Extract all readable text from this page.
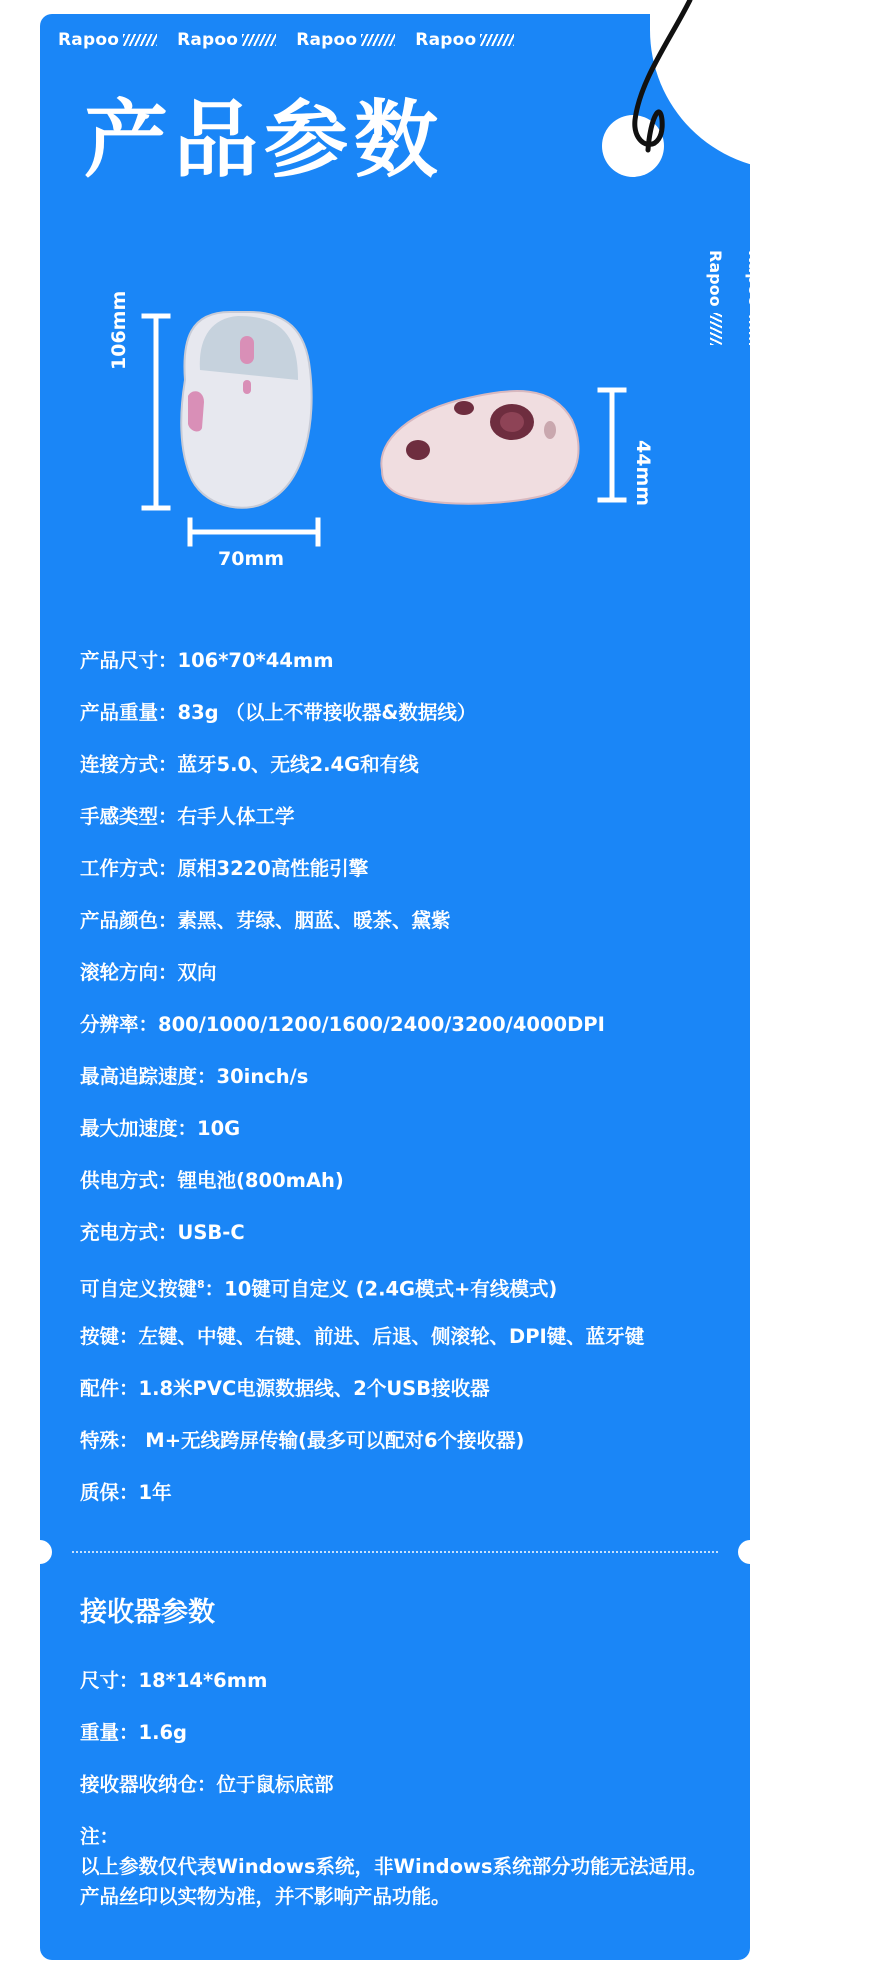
Rapoo	Rapoo	Rapoo	Rapoo
Rapoo
Rapoo
Rapoo
产品参数
106mm
70mm
44mm
产品尺寸：106*70*44mm
产品重量：83g （以上不带接收器&数据线）
连接方式：蓝牙5.0、无线2.4G和有线
手感类型：右手人体工学
工作方式：原相3220高性能引擎
产品颜色：素黑、芽绿、胭蓝、暖茶、黛紫
滚轮方向：双向
分辨率：800/1000/1200/1600/2400/3200/4000DPI
最高追踪速度：30inch/s
最大加速度：10G
供电方式：锂电池(800mAh)
充电方式：USB-C
可自定义按键$^8$：10键可自定义 (2.4G模式+有线模式)
按键：左键、中键、右键、前进、后退、侧滚轮、DPI键、蓝牙键
配件：1.8米PVC电源数据线、2个USB接收器
特殊： M+无线跨屏传输(最多可以配对6个接收器)
质保：1年
接收器参数
尺寸：18*14*6mm
重量：1.6g
接收器收纳仓：位于鼠标底部
注：
以上参数仅代表Windows系统，非Windows系统部分功能无法适用。产品丝印以实物为准，并不影响产品功能。
